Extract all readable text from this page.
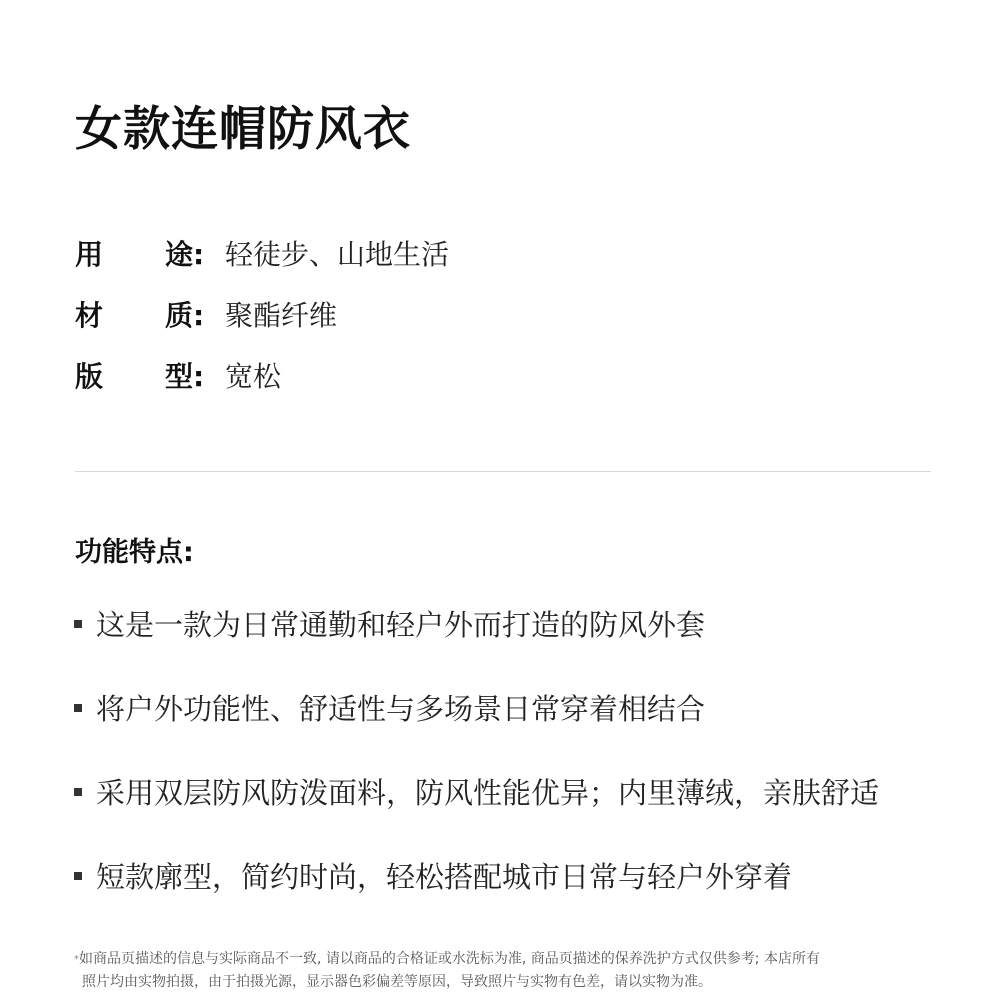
女款连帽防风衣
用 途: 轻徒步、山地生活
材 质: 聚酯纤维
版 型: 宽松
功能特点:
这是一款为日常通勤和轻户外而打造的防风外套
将户外功能性、舒适性与多场景日常穿着相结合
采用双层防风防泼面料，防风性能优异；内里薄绒，亲肤舒适
短款廓型，简约时尚，轻松搭配城市日常与轻户外穿着
*如商品页描述的信息与实际商品不一致, 请以商品的合格证或水洗标为准, 商品页描述的保养洗护方式仅供参考; 本店所有
照片均由实物拍摄，由于拍摄光源，显示器色彩偏差等原因，导致照片与实物有色差，请以实物为准。
